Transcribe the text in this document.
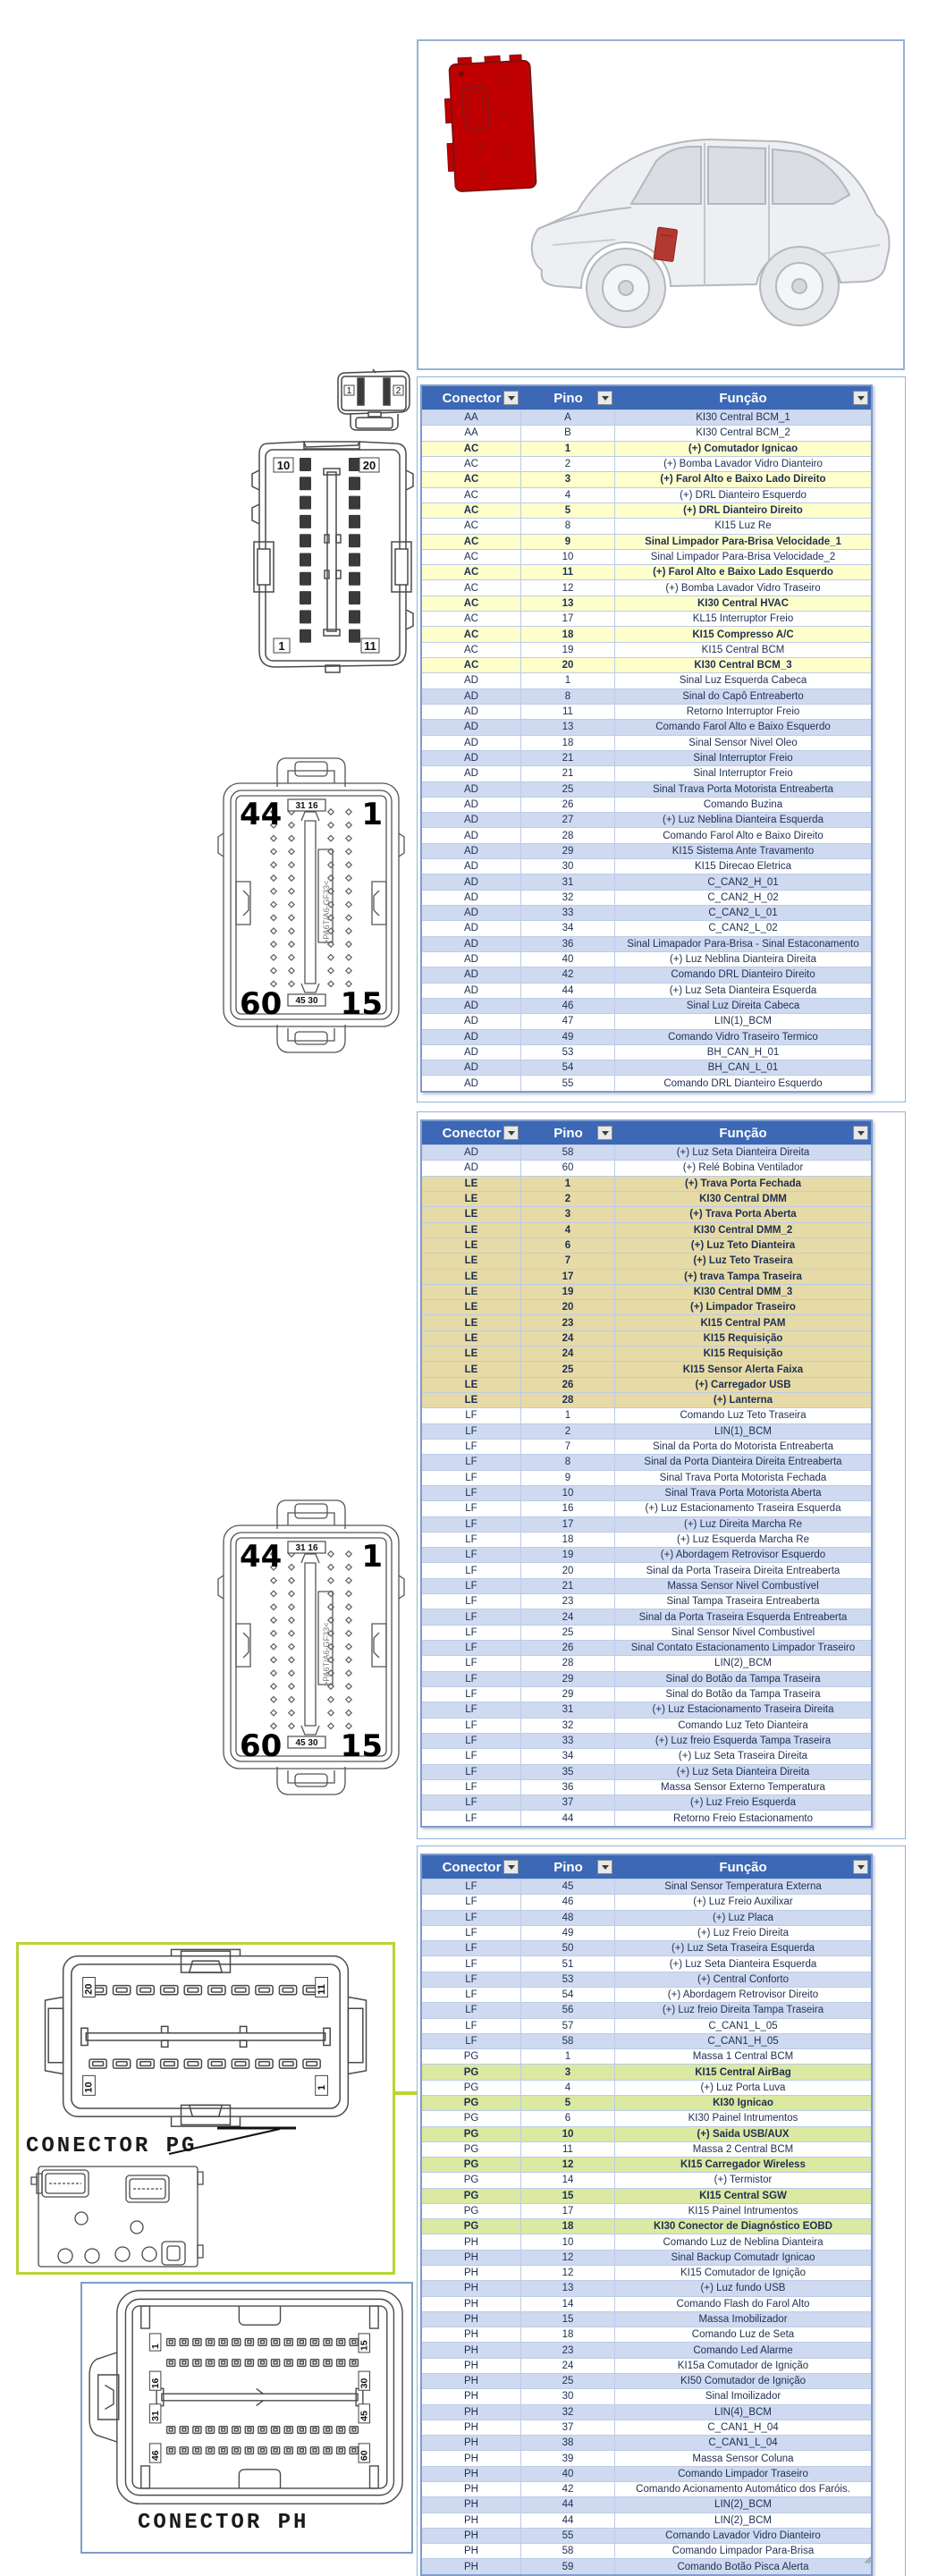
1	2
10	20
1	11
>PA6T/A6-GF33<
31 16
45 30
44	1
60 15
>PA6T/A6-GF33<
31 16
45 30
44	1
60 15
20
10
11
1
CONECTOR PG
1
16
31
46
15
30
45
60
CONECTOR PH
Conector	Pino	Função
AA	A	KI30 Central BCM_1
AA	B	KI30 Central BCM_2
AC	1	(+) Comutador Ignicao
AC	2	(+) Bomba Lavador Vidro Dianteiro
AC	3	(+) Farol Alto e Baixo Lado Direito
AC	4	(+) DRL Dianteiro Esquerdo
AC	5	(+) DRL Dianteiro Direito
AC	8	KI15 Luz Re
AC	9	Sinal Limpador Para-Brisa Velocidade_1
AC	10	Sinal Limpador Para-Brisa Velocidade_2
AC	11	(+) Farol Alto e Baixo Lado Esquerdo
AC	12	(+) Bomba Lavador Vidro Traseiro
AC	13	KI30 Central HVAC
AC	17	KL15 Interruptor Freio
AC	18	KI15 Compresso A/C
AC	19	KI15 Central BCM
AC	20	KI30 Central BCM_3
AD	1	Sinal Luz Esquerda Cabeca
AD	8	Sinal do Capô Entreaberto
AD	11	Retorno Interruptor Freio
AD	13	Comando Farol Alto e Baixo Esquerdo
AD	18	Sinal Sensor Nivel Oleo
AD	21	Sinal Interruptor Freio
AD	21	Sinal Interruptor Freio
AD	25	Sinal Trava Porta Motorista Entreaberta
AD	26	Comando Buzina
AD	27	(+) Luz Neblina Dianteira Esquerda
AD	28	Comando Farol Alto e Baixo Direito
AD	29	KI15 Sistema Ante Travamento
AD	30	KI15 Direcao Eletrica
AD	31	C_CAN2_H_01
AD	32	C_CAN2_H_02
AD	33	C_CAN2_L_01
AD	34	C_CAN2_L_02
AD	36	Sinal Limapador Para-Brisa - Sinal Estaconamento
AD	40	(+) Luz Neblina Dianteira Direita
AD	42	Comando DRL Dianteiro Direito
AD	44	(+) Luz Seta Dianteira Esquerda
AD	46	Sinal Luz Direita Cabeca
AD	47	LIN(1)_BCM
AD	49	Comando Vidro Traseiro Termico
AD	53	BH_CAN_H_01
AD	54	BH_CAN_L_01
AD	55	Comando DRL Dianteiro Esquerdo
Conector	Pino	Função
AD	58	(+) Luz Seta Dianteira Direita
AD	60	(+) Relé Bobina Ventilador
LE	1	(+) Trava Porta Fechada
LE	2	KI30 Central DMM
LE	3	(+) Trava Porta Aberta
LE	4	KI30 Central DMM_2
LE	6	(+) Luz Teto Dianteira
LE	7	(+) Luz Teto Traseira
LE	17	(+) trava Tampa Traseira
LE	19	KI30 Central DMM_3
LE	20	(+) Limpador Traseiro
LE	23	KI15 Central PAM
LE	24	KI15 Requisição
LE	24	KI15 Requisição
LE	25	KI15 Sensor Alerta Faixa
LE	26	(+) Carregador USB
LE	28	(+) Lanterna
LF	1	Comando Luz Teto Traseira
LF	2	LIN(1)_BCM
LF	7	Sinal da Porta do Motorista Entreaberta
LF	8	Sinal da Porta Dianteira Direita Entreaberta
LF	9	Sinal Trava Porta Motorista Fechada
LF	10	Sinal Trava Porta Motorista Aberta
LF	16	(+) Luz Estacionamento Traseira Esquerda
LF	17	(+) Luz Direita Marcha Re
LF	18	(+) Luz Esquerda Marcha Re
LF	19	(+) Abordagem Retrovisor Esquerdo
LF	20	Sinal da Porta Traseira Direita Entreaberta
LF	21	Massa Sensor Nivel Combustível
LF	23	Sinal Tampa Traseira Entreaberta
LF	24	Sinal da Porta Traseira Esquerda Entreaberta
LF	25	Sinal Sensor Nivel Combustivel
LF	26	Sinal Contato Estacionamento Limpador Traseiro
LF	28	LIN(2)_BCM
LF	29	Sinal do Botão da Tampa Traseira
LF	29	Sinal do Botão da Tampa Traseira
LF	31	(+) Luz Estacionamento Traseira Direita
LF	32	Comando Luz Teto Dianteira
LF	33	(+) Luz freio Esquerda Tampa Traseira
LF	34	(+) Luz Seta Traseira Direita
LF	35	(+) Luz Seta Dianteira Direita
LF	36	Massa Sensor Externo Temperatura
LF	37	(+) Luz Freio Esquerda
LF	44	Retorno Freio Estacionamento
Conector	Pino	Função
LF	45	Sinal Sensor Temperatura Externa
LF	46	(+) Luz Freio Auxilixar
LF	48	(+) Luz Placa
LF	49	(+) Luz Freio Direita
LF	50	(+) Luz Seta Traseira Esquerda
LF	51	(+) Luz Seta Dianteira Esquerda
LF	53	(+) Central Conforto
LF	54	(+) Abordagem Retrovisor Direito
LF	56	(+) Luz freio Direita Tampa Traseira
LF	57	C_CAN1_L_05
LF	58	C_CAN1_H_05
PG	1	Massa 1 Central BCM
PG	3	KI15 Central AirBag
PG	4	(+) Luz Porta Luva
PG	5	KI30 Ignicao
PG	6	KI30 Painel Intrumentos
PG	10	(+) Saida USB/AUX
PG	11	Massa 2 Central BCM
PG	12	KI15 Carregador Wireless
PG	14	(+) Termistor
PG	15	KI15 Central SGW
PG	17	KI15 Painel Intrumentos
PG	18	KI30 Conector de Diagnóstico EOBD
PH	10	Comando Luz de Neblina Dianteira
PH	12	Sinal Backup Comutadr Ignicao
PH	12	KI15 Comutador de Ignição
PH	13	(+) Luz fundo USB
PH	14	Comando Flash do Farol Alto
PH	15	Massa Imobilizador
PH	18	Comando Luz de Seta
PH	23	Comando Led Alarme
PH	24	KI15a Comutador de Ignição
PH	25	KI50 Comutador de Ignição
PH	30	Sinal Imoilizador
PH	32	LIN(4)_BCM
PH	37	C_CAN1_H_04
PH	38	C_CAN1_L_04
PH	39	Massa Sensor Coluna
PH	40	Comando Limpador Traseiro
PH	42	Comando Acionamento Automático dos Faróis.
PH	44	LIN(2)_BCM
PH	44	LIN(2)_BCM
PH	55	Comando Lavador Vidro Dianteiro
PH	58	Comando Limpador Para-Brisa
PH	59	Comando Botão Pisca Alerta
